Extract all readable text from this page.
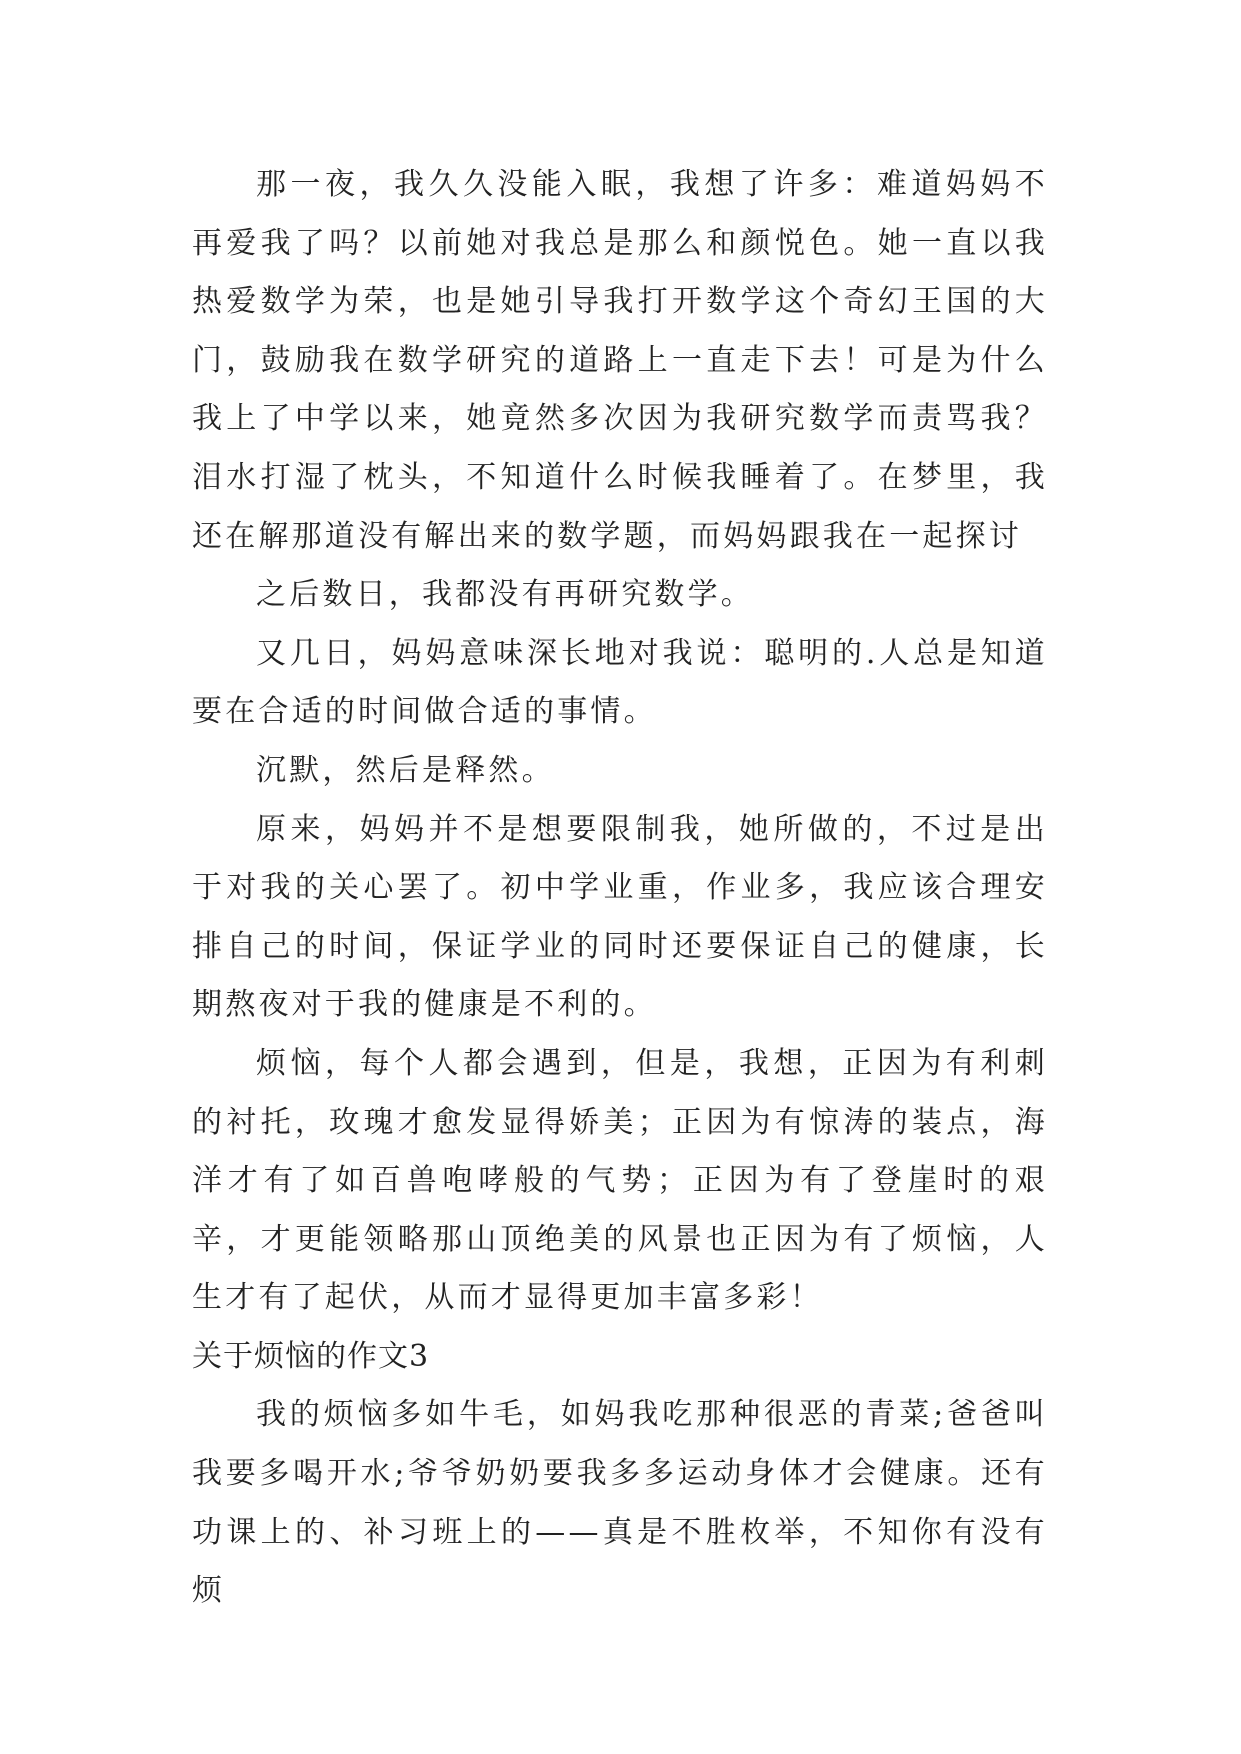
那一夜，我久久没能入眠，我想了许多：难道妈妈不再爱我了吗？以前她对我总是那么和颜悦色。她一直以我热爱数学为荣，也是她引导我打开数学这个奇幻王国的大门，鼓励我在数学研究的道路上一直走下去！可是为什么我上了中学以来，她竟然多次因为我研究数学而责骂我？泪水打湿了枕头，不知道什么时候我睡着了。在梦里，我还在解那道没有解出来的数学题，而妈妈跟我在一起探讨

之后数日，我都没有再研究数学。

又几日，妈妈意味深长地对我说：聪明的.人总是知道要在合适的时间做合适的事情。

沉默，然后是释然。

原来，妈妈并不是想要限制我，她所做的，不过是出于对我的关心罢了。初中学业重，作业多，我应该合理安排自己的时间，保证学业的同时还要保证自己的健康，长期熬夜对于我的健康是不利的。

烦恼，每个人都会遇到，但是，我想，正因为有利刺的衬托，玫瑰才愈发显得娇美；正因为有惊涛的装点，海洋才有了如百兽咆哮般的气势；正因为有了登崖时的艰辛，才更能领略那山顶绝美的风景也正因为有了烦恼，人生才有了起伏，从而才显得更加丰富多彩！

关于烦恼的作文3

我的烦恼多如牛毛，如妈我吃那种很恶的青菜;爸爸叫我要多喝开水;爷爷奶奶要我多多运动身体才会健康。还有功课上的、补习班上的——真是不胜枚举，不知你有没有烦
